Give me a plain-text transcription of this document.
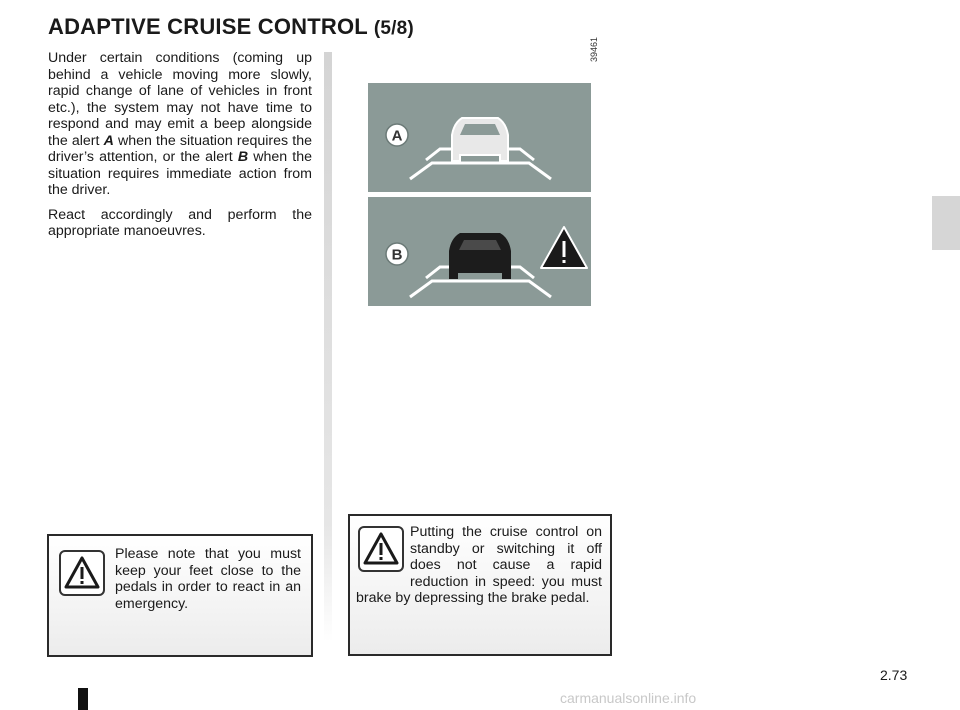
ADAPTIVE CRUISE CONTROL (5/8)

Under certain conditions (coming up behind a vehicle moving more slowly, rapid change of lane of vehicles in front etc.), the system may not have time to respond and may emit a beep alongside the alert A when the situation requires the driver’s attention, or the alert B when the situation requires immediate action from the driver.

React accordingly and perform the appropriate manoeuvres.

39461
A
B
Please note that you must keep your feet close to the pedals in order to react in an emergency.
Putting the cruise control on standby or switching it off does not cause a rapid reduction in speed: you must brake by depressing the brake pedal.
2.73
carmanualsonline.info
